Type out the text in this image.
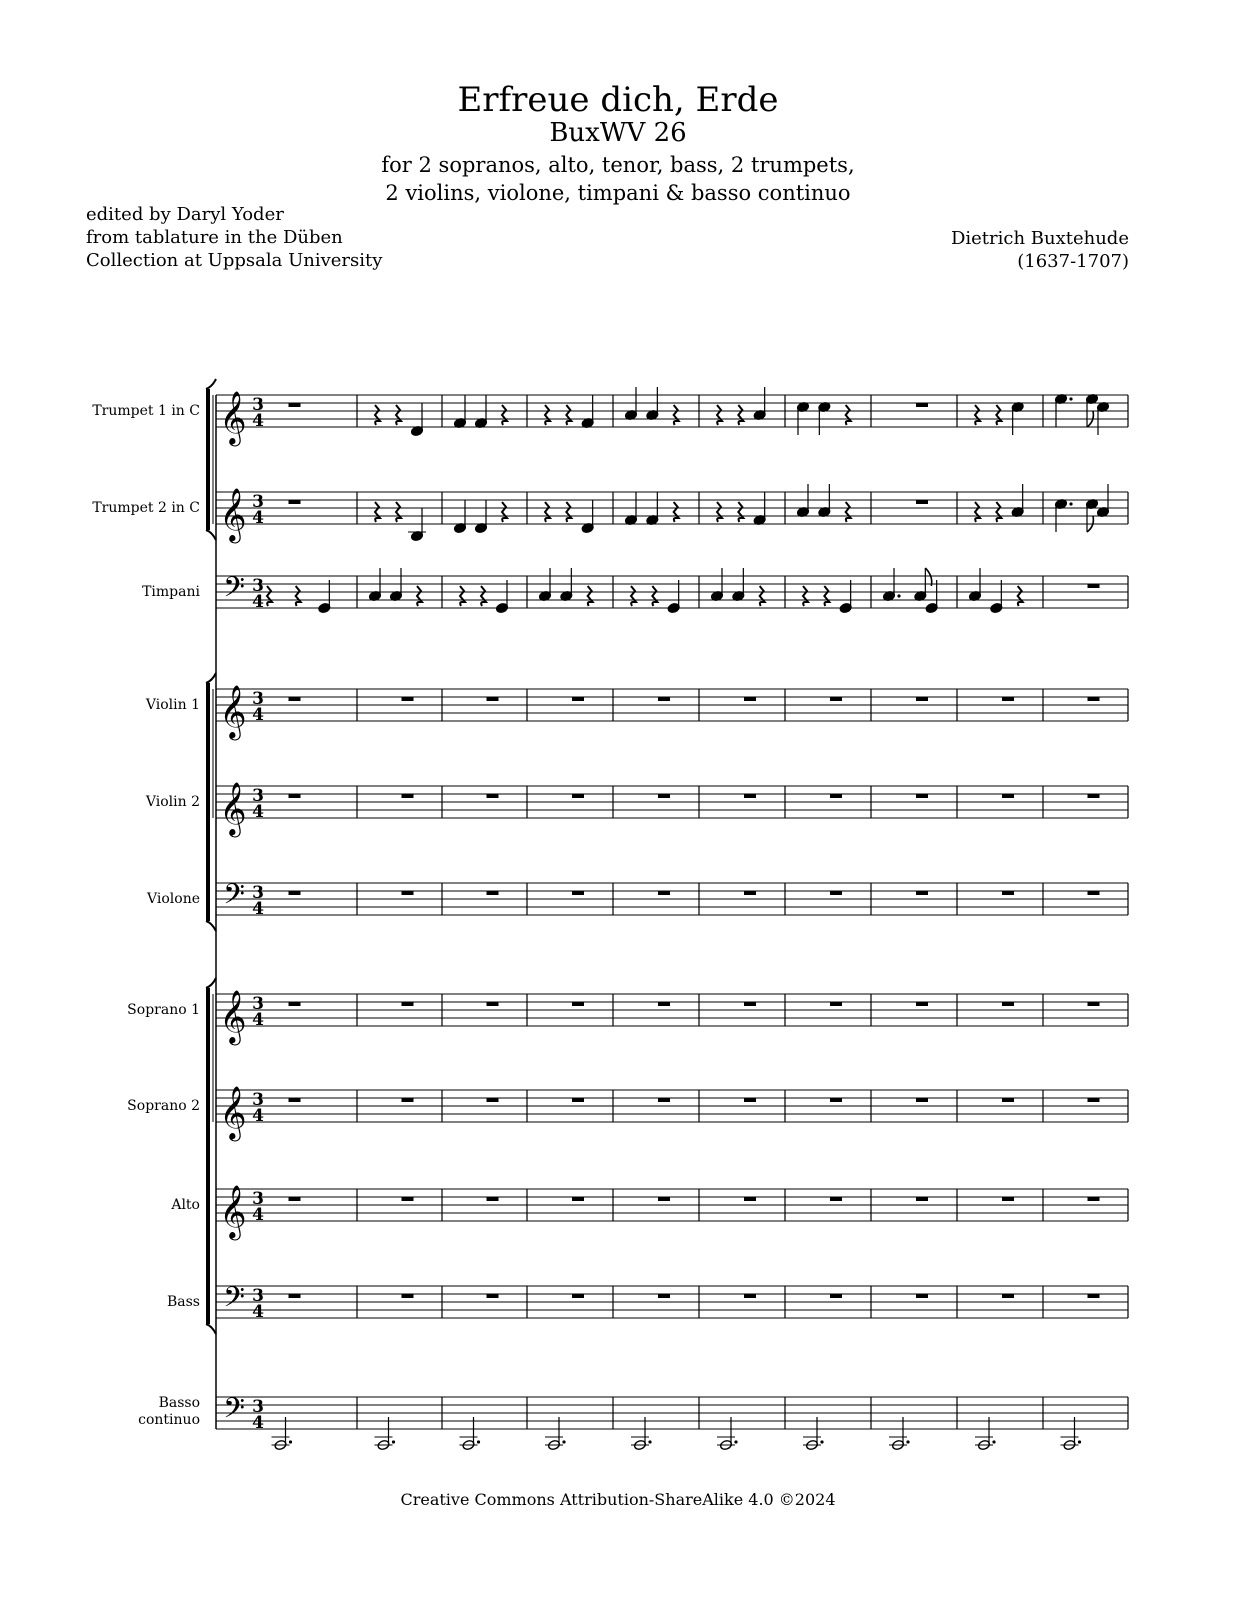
Erfreue dich, Erde
BuxWV 26
for 2 sopranos, alto, tenor, bass, 2 trumpets,
2 violins, violone, timpani & basso continuo
edited by Daryl Yoder
from tablature in the Düben
Collection at Uppsala University
Dietrich Buxtehude
(1637-1707)
Trumpet 1 in C
Trumpet 2 in C
Timpani
Violin 1
Violin 2
Violone
Soprano 1
Soprano 2
Alto
Bass
Basso
continuo
𝄞 3
4
𝄞 3
4
𝄢 3
4
𝄞 3
4
𝄞 3
4
𝄢 3
4
𝄞 3
4
𝄞 3
4
𝄞 3
4
𝄢 3
4
𝄢 3
4
Creative Commons Attribution-ShareAlike 4.0 ©2024
